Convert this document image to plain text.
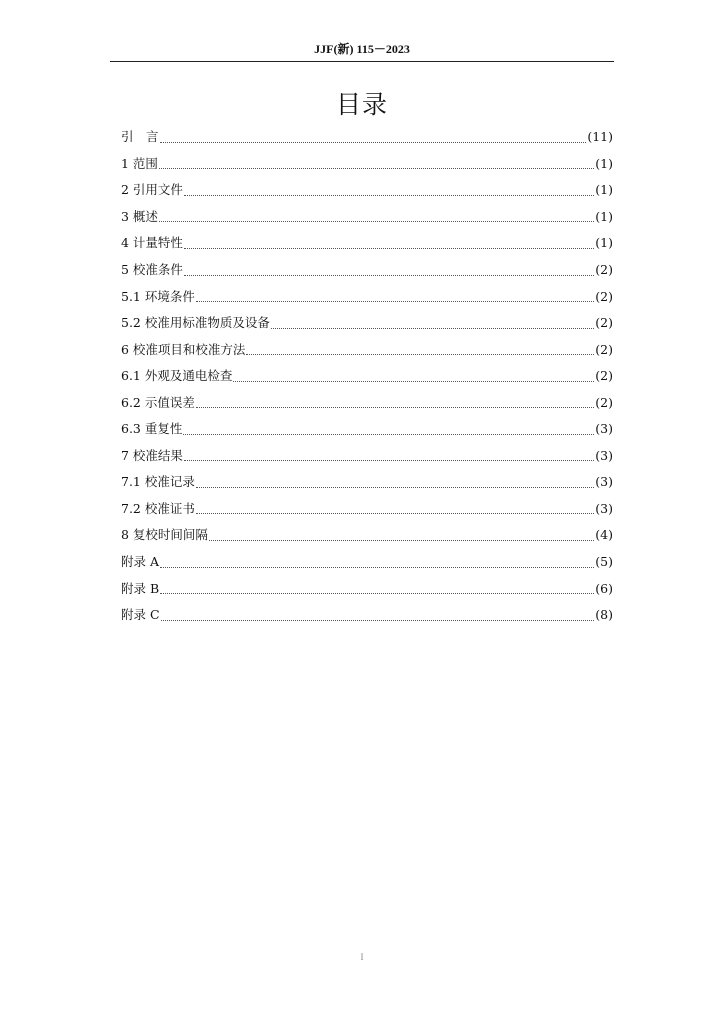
JJF(新) 115－2023
目录
引　言	(11)
1 范围	(1)
2 引用文件	(1)
3 概述	(1)
4 计量特性	(1)
5 校准条件	(2)
5.1 环境条件	(2)
5.2 校准用标准物质及设备	(2)
6 校准项目和校准方法	(2)
6.1 外观及通电检查	(2)
6.2 示值误差	(2)
6.3 重复性	(3)
7 校准结果	(3)
7.1 校准记录	(3)
7.2 校准证书	(3)
8 复校时间间隔	(4)
附录 A	(5)
附录 B	(6)
附录 C	(8)
I
